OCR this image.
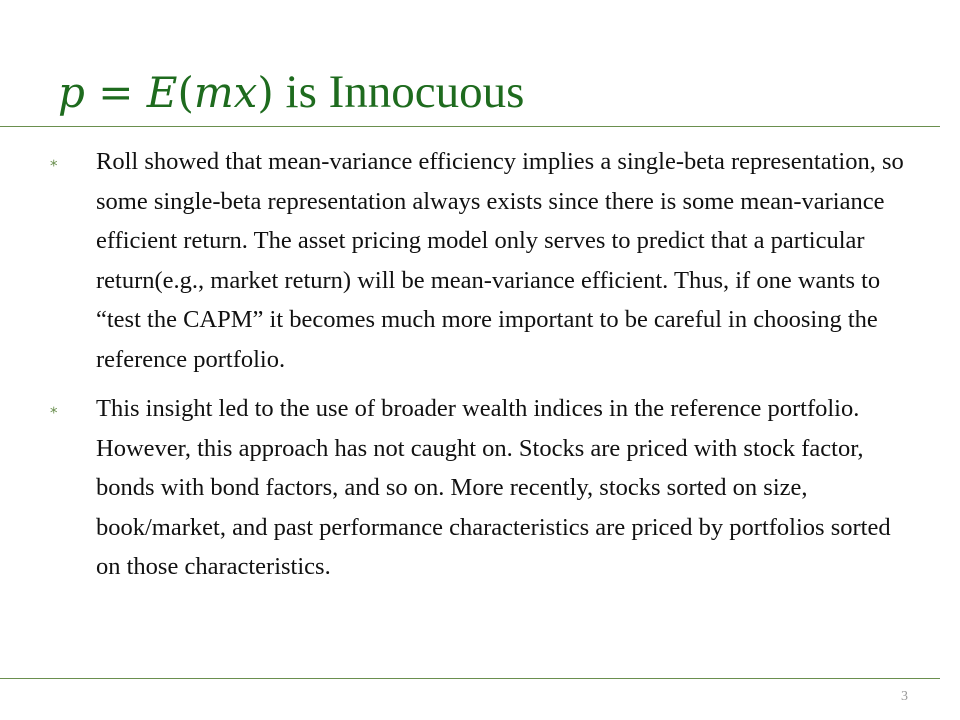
p = E(mx) is Innocuous
⁎	Roll showed that mean-variance efficiency implies a single-beta representation, so some single-beta representation always exists since there is some mean-variance efficient return. The asset pricing model only serves to predict that a particular return(e.g., market return) will be mean-variance efficient. Thus, if one wants to “test the CAPM” it becomes much more important to be careful in choosing the reference portfolio.
⁎	This insight led to the use of broader wealth indices in the reference portfolio. However, this approach has not caught on. Stocks are priced with stock factor, bonds with bond factors, and so on. More recently, stocks sorted on size, book/market, and past performance characteristics are priced by portfolios sorted on those characteristics.
3
